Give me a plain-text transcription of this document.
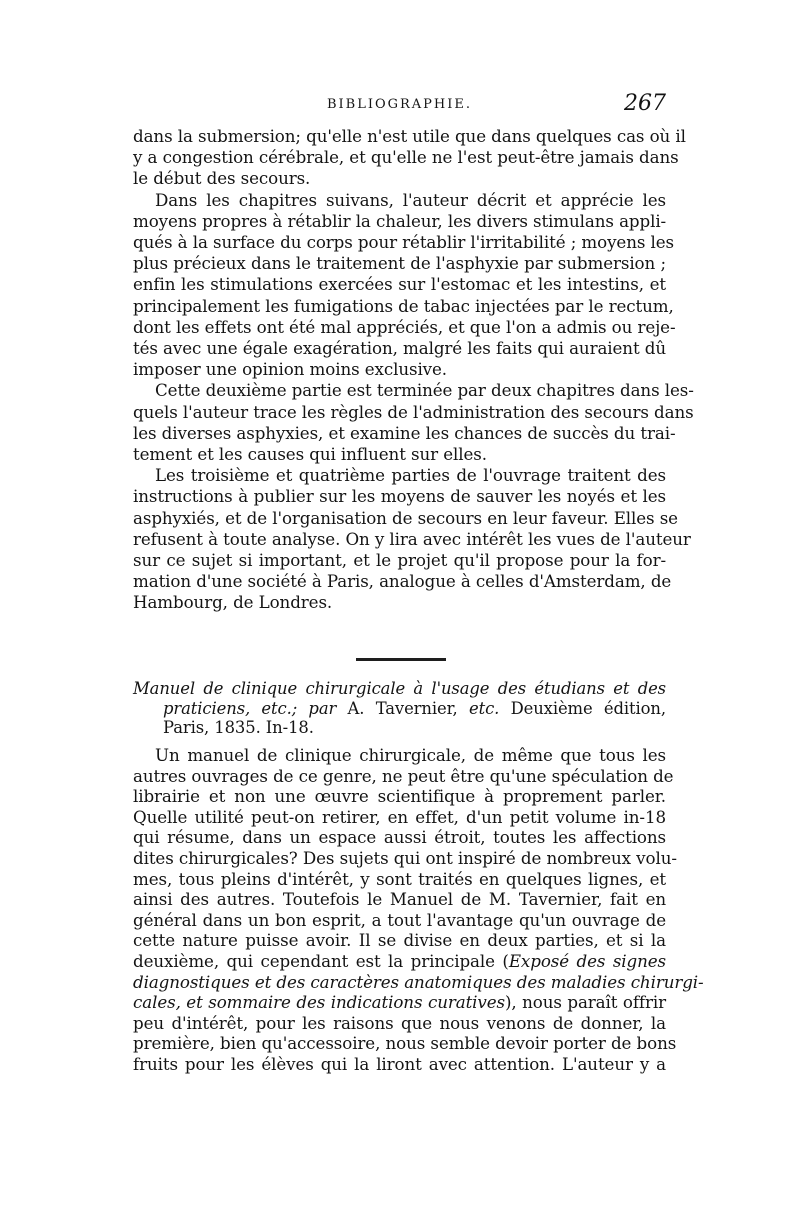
BIBLIOGRAPHIE.	267
dans la submersion; qu'elle n'est utile que dans quelques cas où il
y a congestion cérébrale, et qu'elle ne l'est peut-être jamais dans
le début des secours.
Dans les chapitres suivans, l'auteur décrit et apprécie les
moyens propres à rétablir la chaleur, les divers stimulans appli-
qués à la surface du corps pour rétablir l'irritabilité ; moyens les
plus précieux dans le traitement de l'asphyxie par submersion ;
enfin les stimulations exercées sur l'estomac et les intestins, et
principalement les fumigations de tabac injectées par le rectum,
dont les effets ont été mal appréciés, et que l'on a admis ou reje-
tés avec une égale exagération, malgré les faits qui auraient dû
imposer une opinion moins exclusive.
Cette deuxième partie est terminée par deux chapitres dans les-
quels l'auteur trace les règles de l'administration des secours dans
les diverses asphyxies, et examine les chances de succès du trai-
tement et les causes qui influent sur elles.
Les troisième et quatrième parties de l'ouvrage traitent des
instructions à publier sur les moyens de sauver les noyés et les
asphyxiés, et de l'organisation de secours en leur faveur. Elles se
refusent à toute analyse. On y lira avec intérêt les vues de l'auteur
sur ce sujet si important, et le projet qu'il propose pour la for-
mation d'une société à Paris, analogue à celles d'Amsterdam, de
Hambourg, de Londres.
Manuel de clinique chirurgicale à l'usage des étudians et des
praticiens, etc.; par A. Tavernier, etc. Deuxième édition,
Paris, 1835. In-18.
Un manuel de clinique chirurgicale, de même que tous les
autres ouvrages de ce genre, ne peut être qu'une spéculation de
librairie et non une œuvre scientifique à proprement parler.
Quelle utilité peut-on retirer, en effet, d'un petit volume in-18
qui résume, dans un espace aussi étroit, toutes les affections
dites chirurgicales? Des sujets qui ont inspiré de nombreux volu-
mes, tous pleins d'intérêt, y sont traités en quelques lignes, et
ainsi des autres. Toutefois le Manuel de M. Tavernier, fait en
général dans un bon esprit, a tout l'avantage qu'un ouvrage de
cette nature puisse avoir. Il se divise en deux parties, et si la
deuxième, qui cependant est la principale (Exposé des signes
diagnostiques et des caractères anatomiques des maladies chirurgi-
cales, et sommaire des indications curatives), nous paraît offrir
peu d'intérêt, pour les raisons que nous venons de donner, la
première, bien qu'accessoire, nous semble devoir porter de bons
fruits pour les élèves qui la liront avec attention. L'auteur y a
